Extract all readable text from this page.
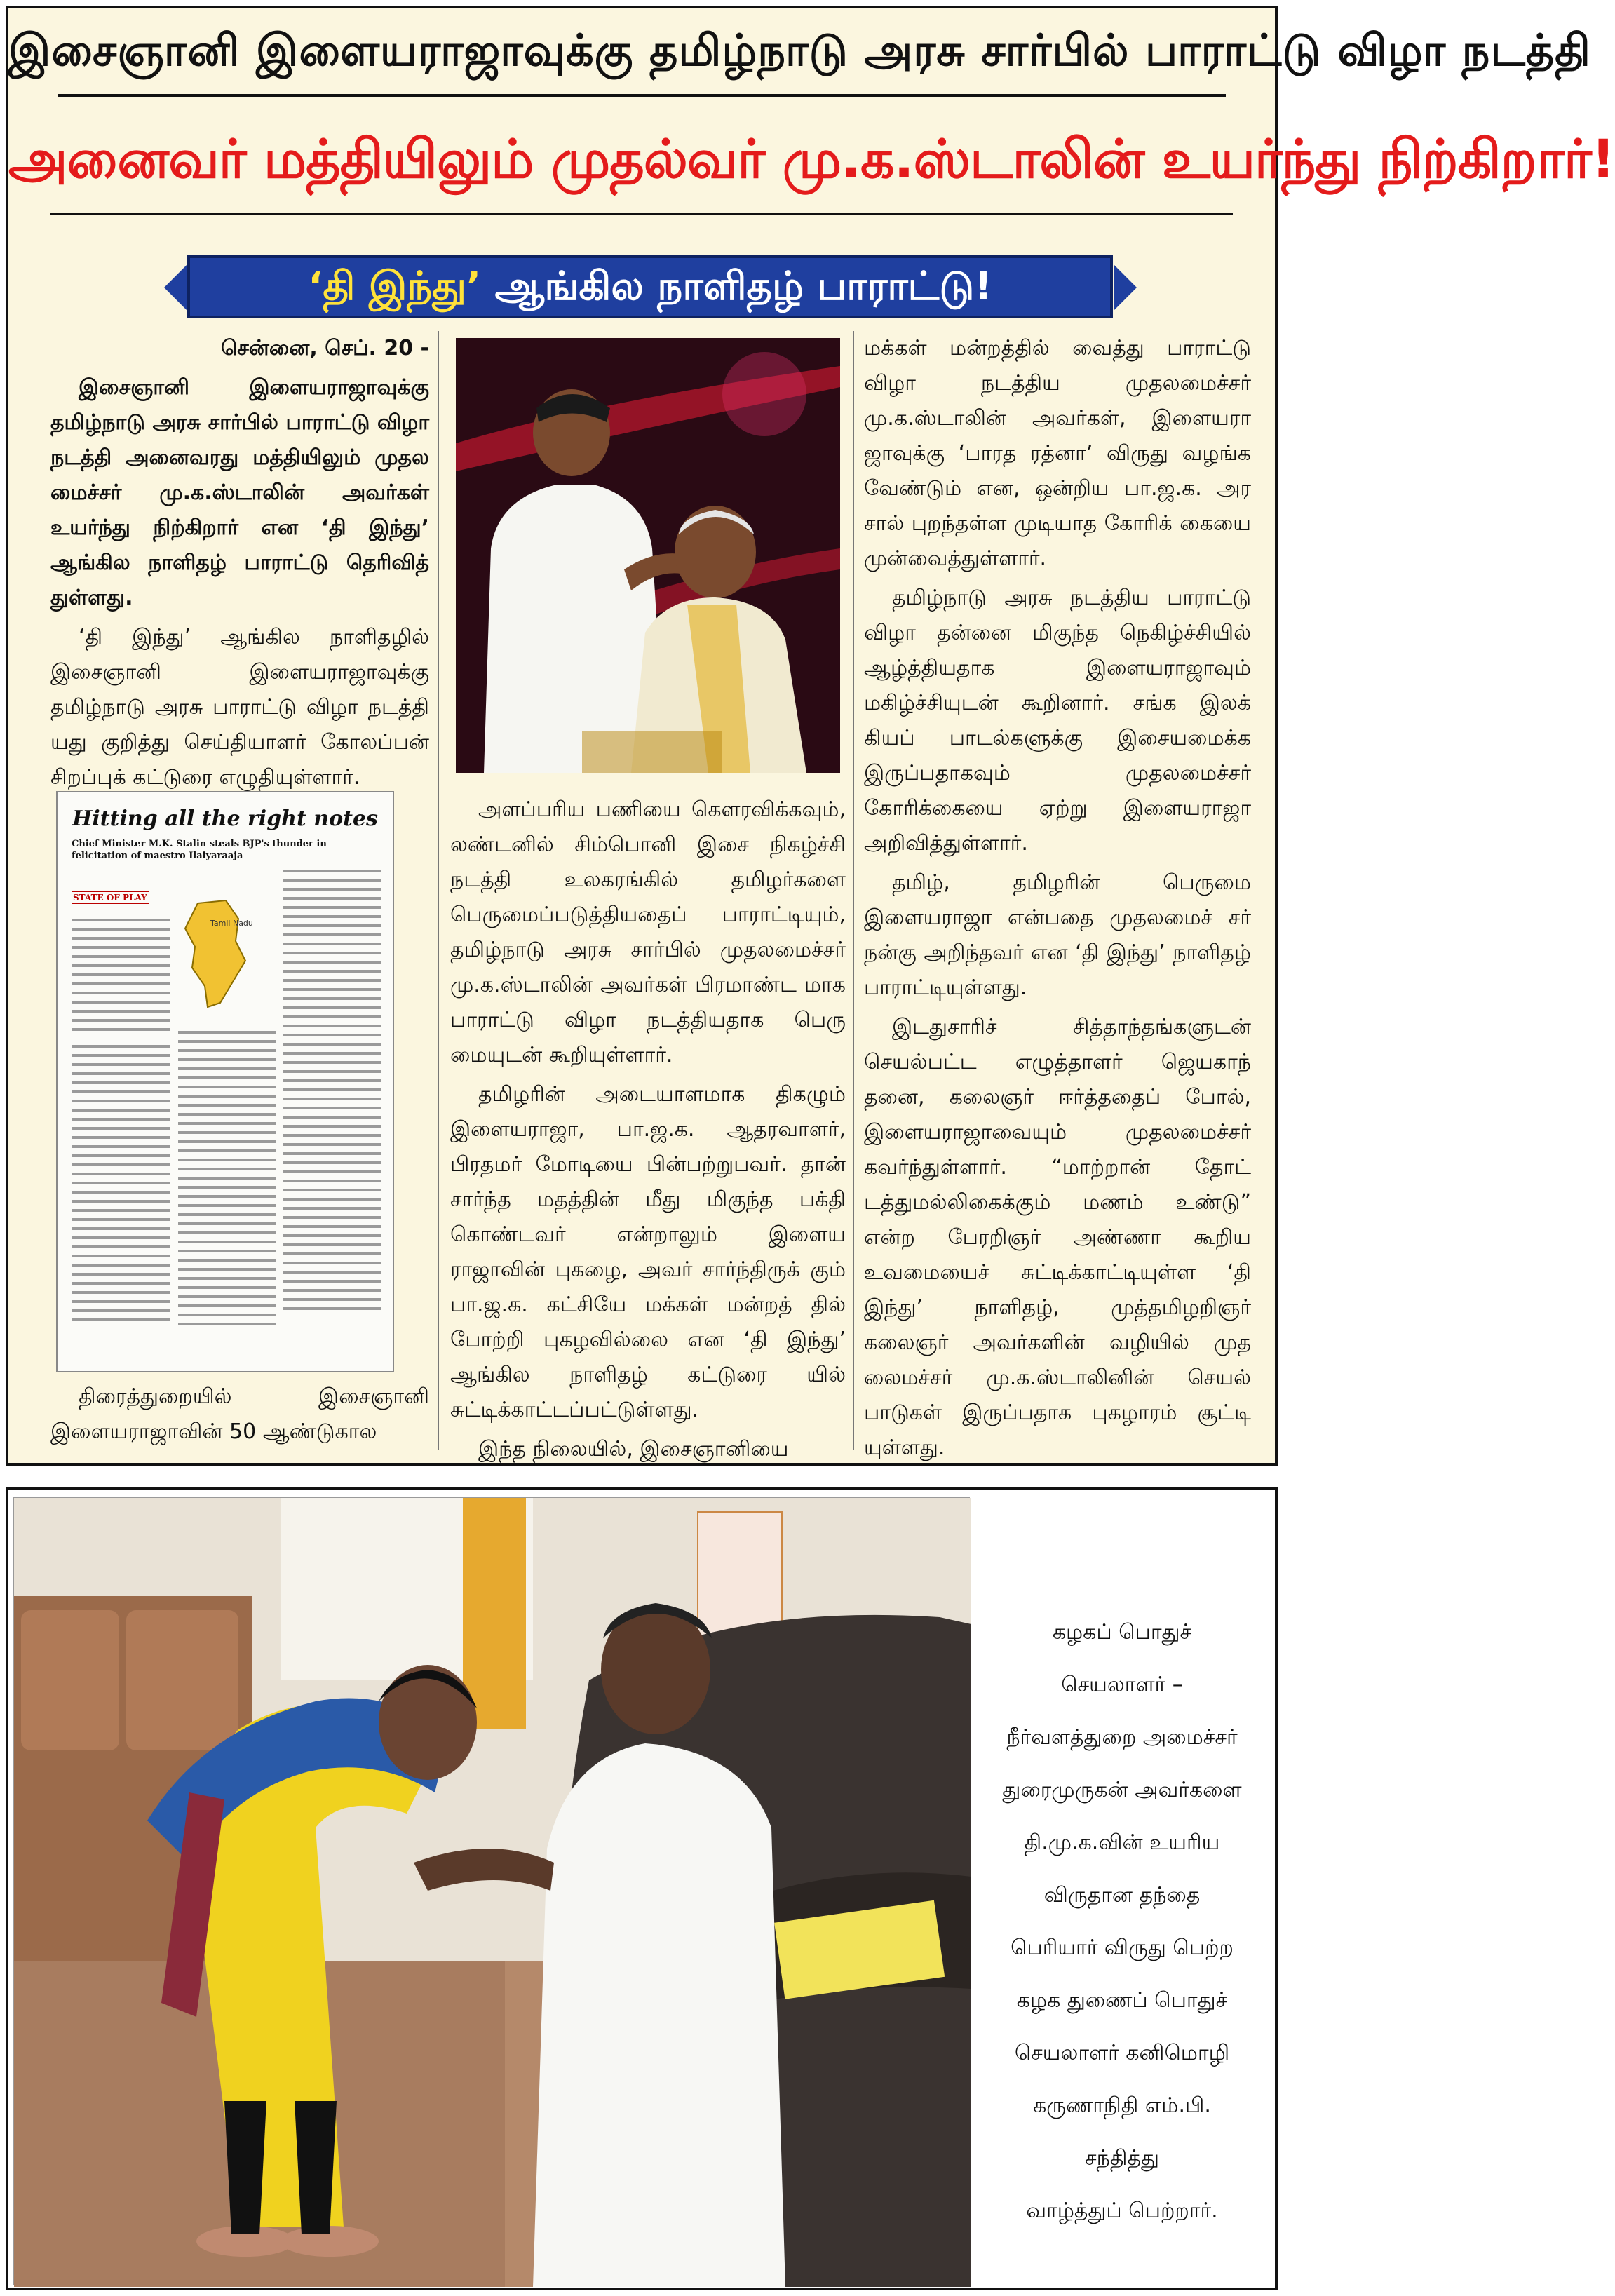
இசைஞானி இளையராஜாவுக்கு தமிழ்நாடு அரசு சார்பில் பாராட்டு விழா நடத்தி
அனைவர் மத்தியிலும் முதல்வர் மு.க.ஸ்டாலின் உயர்ந்து நிற்கிறார்!
‘தி இந்து’ ஆங்கில நாளிதழ் பாராட்டு!

சென்னை, செப். 20 -

இசைஞானி இளையராஜாவுக்கு தமிழ்நாடு அரசு சார்பில் பாராட்டு விழா நடத்தி அனைவரது மத்தியிலும் முதல மைச்சர் மு.க.ஸ்டாலின் அவர்கள் உயர்ந்து நிற்கிறார் என ‘தி இந்து’ ஆங்கில நாளிதழ் பாராட்டு தெரிவித் துள்ளது.

‘தி இந்து’ ஆங்கில நாளிதழில் இசைஞானி இளையராஜாவுக்கு தமிழ்நாடு அரசு பாராட்டு விழா நடத்தி யது குறித்து செய்தியாளர் கோலப்பன் சிறப்புக் கட்டுரை எழுதியுள்ளார்.

Hitting all the right notes
Chief Minister M.K. Stalin steals BJP's thunder in felicitation of maestro Ilaiyaraaja
STATE OF PLAY
Tamil Nadu

திரைத்துறையில் இசைஞானி இளையராஜாவின் 50 ஆண்டுகால

அளப்பரிய பணியை கௌரவிக்கவும், லண்டனில் சிம்பொனி இசை நிகழ்ச்சி நடத்தி உலகரங்கில் தமிழர்களை பெருமைப்படுத்தியதைப் பாராட்டியும், தமிழ்நாடு அரசு சார்பில் முதலமைச்சர் மு.க.ஸ்டாலின் அவர்கள் பிரமாண்ட மாக பாராட்டு விழா நடத்தியதாக பெரு மையுடன் கூறியுள்ளார்.

தமிழரின் அடையாளமாக திகழும் இளையராஜா, பா.ஜ.க. ஆதரவாளர், பிரதமர் மோடியை பின்பற்றுபவர். தான் சார்ந்த மதத்தின் மீது மிகுந்த பக்தி கொண்டவர் என்றாலும் இளைய ராஜாவின் புகழை, அவர் சார்ந்திருக் கும் பா.ஜ.க. கட்சியே மக்கள் மன்றத் தில் போற்றி புகழவில்லை என ‘தி இந்து’ ஆங்கில நாளிதழ் கட்டுரை யில் சுட்டிக்காட்டப்பட்டுள்ளது.

இந்த நிலையில், இசைஞானியை

மக்கள் மன்றத்தில் வைத்து பாராட்டு விழா நடத்திய முதலமைச்சர் மு.க.ஸ்டாலின் அவர்கள், இளையரா ஜாவுக்கு ‘பாரத ரத்னா’ விருது வழங்க வேண்டும் என, ஒன்றிய பா.ஜ.க. அர சால் புறந்தள்ள முடியாத கோரிக் கையை முன்வைத்துள்ளார்.

தமிழ்நாடு அரசு நடத்திய பாராட்டு விழா தன்னை மிகுந்த நெகிழ்ச்சியில் ஆழ்த்தியதாக இளையராஜாவும் மகிழ்ச்சியுடன் கூறினார். சங்க இலக் கியப் பாடல்களுக்கு இசையமைக்க இருப்பதாகவும் முதலமைச்சர் கோரிக்கையை ஏற்று இளையராஜா அறிவித்துள்ளார்.

தமிழ், தமிழரின் பெருமை இளையராஜா என்பதை முதலமைச் சர் நன்கு அறிந்தவர் என ‘தி இந்து’ நாளிதழ் பாராட்டியுள்ளது.

இடதுசாரிச் சித்தாந்தங்களுடன் செயல்பட்ட எழுத்தாளர் ஜெயகாந் தனை, கலைஞர் ஈர்த்ததைப் போல், இளையராஜாவையும் முதலமைச்சர் கவர்ந்துள்ளார். “மாற்றான் தோட் டத்துமல்லிகைக்கும் மணம் உண்டு” என்ற பேரறிஞர் அண்ணா கூறிய உவமையைச் சுட்டிக்காட்டியுள்ள ‘தி இந்து’ நாளிதழ், முத்தமிழறிஞர் கலைஞர் அவர்களின் வழியில் முத லைமச்சர் மு.க.ஸ்டாலினின் செயல் பாடுகள் இருப்பதாக புகழாரம் சூட்டி யுள்ளது.

கழகப் பொதுச்
செயலாளர் –
நீர்வளத்துறை அமைச்சர்
துரைமுருகன் அவர்களை
தி.மு.க.வின் உயரிய
விருதான தந்தை
பெரியார் விருது பெற்ற
கழக துணைப் பொதுச்
செயலாளர் கனிமொழி
கருணாநிதி எம்.பி.
சந்தித்து
வாழ்த்துப் பெற்றார்.
